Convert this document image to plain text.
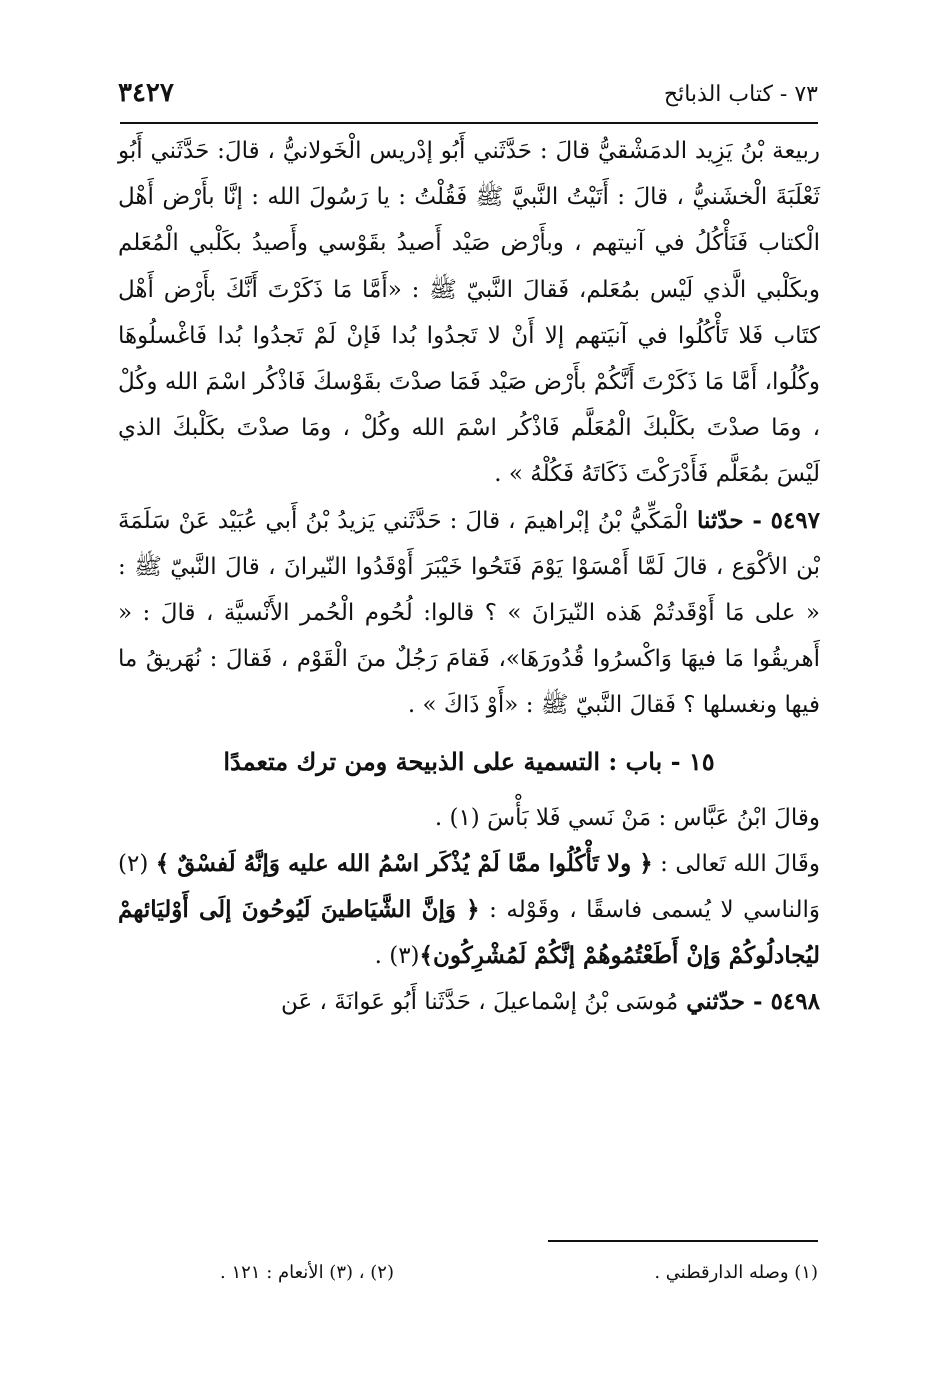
٧٣ - كتاب الذبائح
٣٤٢٧

ربيعة بْنُ يَزِيد الدمَشْقيُّ قالَ : حَدَّثَني أَبُو إدْريس الْخَولانيُّ ، قالَ: حَدَّثَني أَبُو ثَعْلَبَةَ الْخشَنيُّ ، قالَ : أَتَيْتُ النَّبيَّ ﷺ فَقُلْتُ : يا رَسُولَ الله : إنَّا بأَرْض أَهْل الْكتاب فَنَأْكُلُ في آنيتهم ، وبأَرْض صَيْد أَصيدُ بقَوْسي وأَصيدُ بكَلْبي الْمُعَلم وبكَلْبي الَّذي لَيْس بمُعَلم، فَقالَ النَّبيّ ﷺ : «أَمَّا مَا ذَكَرْتَ أَنَّكَ بأَرْض أَهْل كتَاب فَلا تَأْكُلُوا في آنيَتهم إلا أَنْ لا تَجدُوا بُدا فَإنْ لَمْ تَجدُوا بُدا فَاغْسلُوهَا وكُلُوا، أَمَّا مَا ذَكَرْتَ أَنَّكُمْ بأَرْض صَيْد فَمَا صدْتَ بقَوْسكَ فَاذْكُر اسْمَ الله وكُلْ ، ومَا صدْتَ بكَلْبكَ الْمُعَلَّم فَاذْكُر اسْمَ الله وكُلْ ، ومَا صدْتَ بكَلْبكَ الذي لَيْسَ بمُعَلَّم فَأَدْرَكْتَ ذَكَاتَهُ فَكُلْهُ » .

٥٤٩٧ - حدّثنا الْمَكِّيُّ بْنُ إبْراهيمَ ، قالَ : حَدَّثَني يَزيدُ بْنُ أَبي عُبَيْد عَنْ سَلَمَةَ بْن الأكْوَع ، قالَ لَمَّا أَمْسَوْا يَوْمَ فَتَحُوا خَيْبَرَ أَوْقَدُوا النّيرانَ ، قالَ النَّبيّ ﷺ : « على مَا أَوْقَدتُمْ هَذه النّيرَانَ » ؟ قالوا: لُحُوم الْحُمر الأَنْسيَّة ، قالَ : « أَهريقُوا مَا فيهَا وَاكْسرُوا قُدُورَهَا»، فَقامَ رَجُلٌ منَ الْقَوْم ، فَقالَ : نُهَريقُ ما فيها ونغسلها ؟ فَقالَ النَّبيّ ﷺ : «أَوْ ذَاكَ » .

١٥ - باب : التسمية على الذبيحة ومن ترك متعمدًا

وقالَ ابْنُ عَبَّاس : مَنْ نَسي فَلا بَأْسَ (١) .

وقَالَ الله تَعالى : ﴿ ولا تَأْكُلُوا ممَّا لَمْ يُذْكَر اسْمُ الله عليه وَإنَّهُ لَفسْقٌ ﴾ (٢) وَالناسي لا يُسمى فاسقًا ، وقَوْله : ﴿ وَإنَّ الشَّيَاطينَ لَيُوحُونَ إلَى أَوْليَائهمْ ليُجادلُوكُمْ وَإنْ أَطَعْتُمُوهُمْ إنَّكُمْ لَمُشْرِكُون﴾(٣) .

٥٤٩٨ - حدّثني مُوسَى بْنُ إسْماعيلَ ، حَدَّثَنا أَبُو عَوانَةَ ، عَن

(١) وصله الدارقطني .
(٢) ، (٣) الأنعام : ١٢١ .
